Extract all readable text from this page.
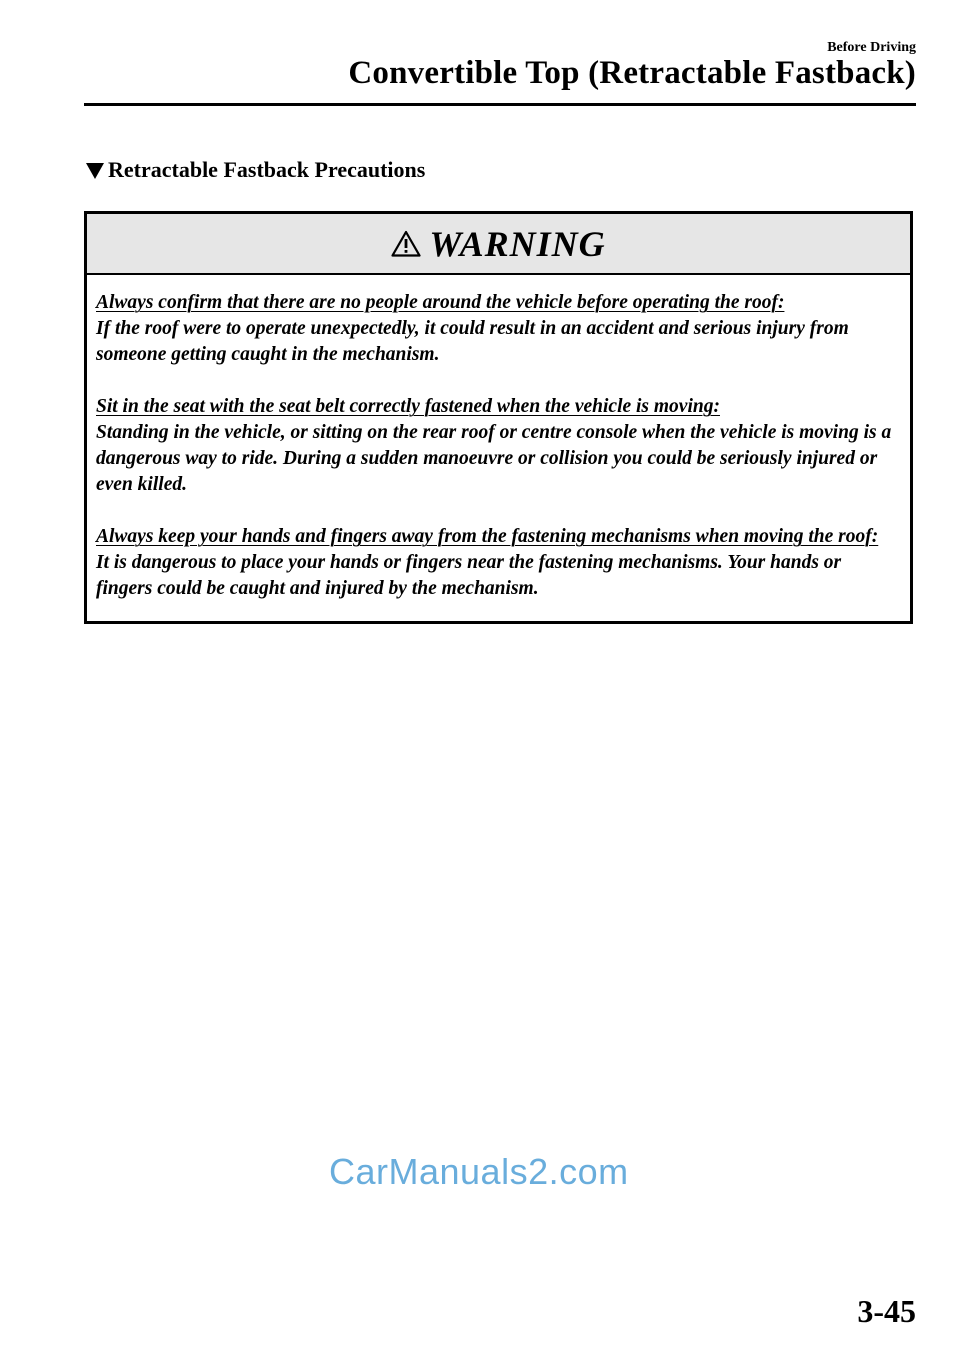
Before Driving
Convertible Top (Retractable Fastback)
Retractable Fastback Precautions
WARNING
Always confirm that there are no people around the vehicle before operating the roof:
If the roof were to operate unexpectedly, it could result in an accident and serious injury from someone getting caught in the mechanism.
Sit in the seat with the seat belt correctly fastened when the vehicle is moving:
Standing in the vehicle, or sitting on the rear roof or centre console when the vehicle is moving is a dangerous way to ride. During a sudden manoeuvre or collision you could be seriously injured or even killed.
Always keep your hands and fingers away from the fastening mechanisms when moving the roof:
It is dangerous to place your hands or fingers near the fastening mechanisms. Your hands or fingers could be caught and injured by the mechanism.
CarManuals2.com
3-45
